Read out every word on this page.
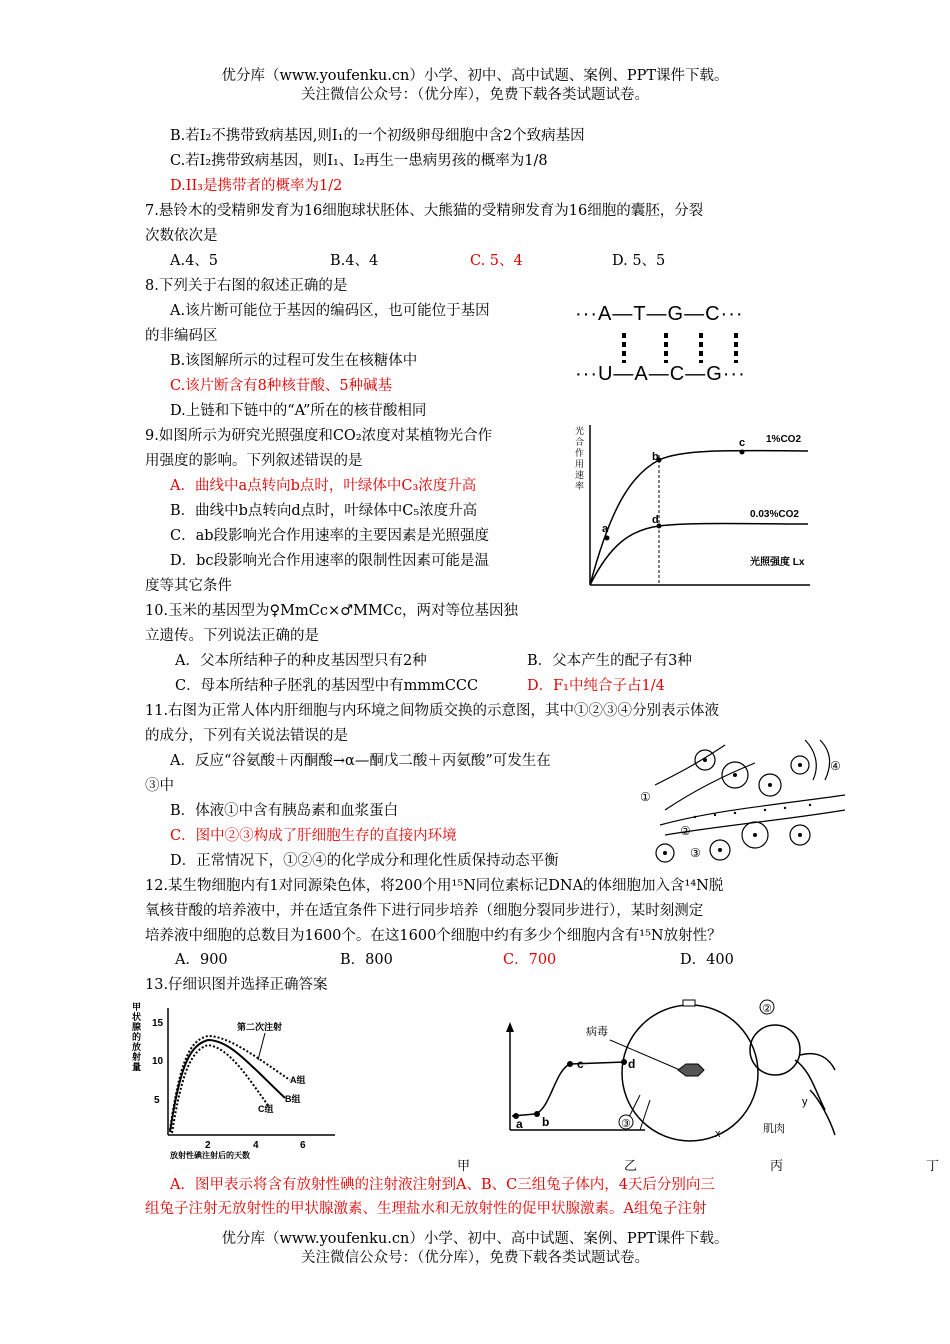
优分库（www.youfenku.cn）小学、初中、高中试题、案例、PPT课件下载。
关注微信公众号：（优分库），免费下载各类试题试卷。
B.若I₂不携带致病基因,则I₁的一个初级卵母细胞中含2个致病基因
C.若I₂携带致病基因，则I₁、I₂再生一患病男孩的概率为1/8
D.II₃是携带者的概率为1/2
7.悬铃木的受精卵发育为16细胞球状胚体、大熊猫的受精卵发育为16细胞的囊胚，分裂
次数依次是
A.4、5	B.4、4	C. 5、4	D. 5、5
8.下列关于右图的叙述正确的是
A.该片断可能位于基因的编码区，也可能位于基因
的非编码区
B.该图解所示的过程可发生在核糖体中
C.该片断含有8种核苷酸、5种碱基
D.上链和下链中的“A”所在的核苷酸相同
···A—T—G—C···
···U—A—C—G···
9.如图所示为研究光照强度和CO₂浓度对某植物光合作
用强度的影响。下列叙述错误的是
A．曲线中a点转向b点时，叶绿体中C₃浓度升高
B．曲线中b点转向d点时，叶绿体中C₅浓度升高
C．ab段影响光合作用速率的主要因素是光照强度
D．bc段影响光合作用速率的限制性因素可能是温
度等其它条件
光合作用速率
a
b
c
d
1%CO2
0.03%CO2
光照强度 Lx
10.玉米的基因型为♀MmCc×♂MMCc，两对等位基因独
立遗传。下列说法正确的是
A．父本所结种子的种皮基因型只有2种	B．父本产生的配子有3种
C．母本所结种子胚乳的基因型中有mmmCCC	D．F₁中纯合子占1/4
11.右图为正常人体内肝细胞与内环境之间物质交换的示意图，其中①②③④分别表示体液
的成分，下列有关说法错误的是
A．反应“谷氨酸＋丙酮酸→α—酮戊二酸＋丙氨酸”可发生在
③中
B．体液①中含有胰岛素和血浆蛋白
C．图中②③构成了肝细胞生存的直接内环境
D．正常情况下，①②④的化学成分和理化性质保持动态平衡
①
②
③
④
12.某生物细胞内有1对同源染色体，将200个用¹⁵N同位素标记DNA的体细胞加入含¹⁴N脱
氧核苷酸的培养液中，并在适宜条件下进行同步培养（细胞分裂同步进行），某时刻测定
培养液中细胞的总数目为1600个。在这1600个细胞中约有多少个细胞内含有¹⁵N放射性？
A．900	B．800	C．700	D．400
13.仔细识图并选择正确答案
甲状腺的放射量
5
10
15
2	4	6
放射性碘注射后的天数
第二次注射
A组
B组
C组
a b
c	d
病毒
②
③
x
y
肌肉
甲	乙	丙	丁
A．图甲表示将含有放射性碘的注射液注射到A、B、C三组兔子体内，4天后分别向三
组兔子注射无放射性的甲状腺激素、生理盐水和无放射性的促甲状腺激素。A组兔子注射
优分库（www.youfenku.cn）小学、初中、高中试题、案例、PPT课件下载。
关注微信公众号：（优分库），免费下载各类试题试卷。
